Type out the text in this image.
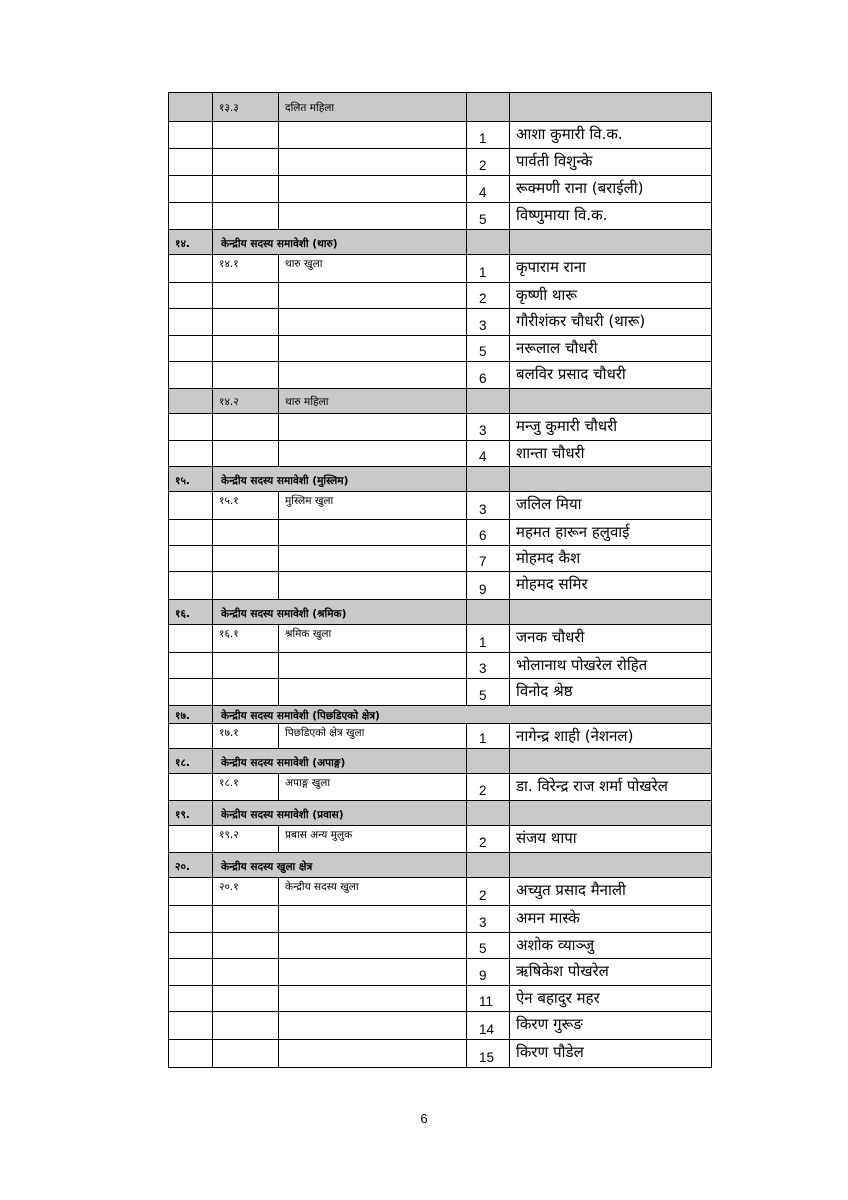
	१३.३	दलित महिला		
			1	आशा कुमारी वि.क.
			2	पार्वती विशुन्के
			4	रूक्मणी राना (बराईली)
			5	विष्णुमाया वि.क.
१४.	केन्द्रीय सदस्य समावेशी (थारु)			
	१४.१	थारु खुला	1	कृपाराम राना
			2	कृष्णी थारू
			3	गौरीशंकर चौधरी (थारू)
			5	नरूलाल चौधरी
			6	बलविर प्रसाद चौधरी
	१४.२	थारु महिला		
			3	मन्जु कुमारी चौधरी
			4	शान्ता चौधरी
१५.	केन्द्रीय सदस्य समावेशी (मुस्लिम)			
	१५.१	मुस्लिम खुला	3	जलिल मिया
			6	महमत हारून हलुवाई
			7	मोहमद कैश
			9	मोहमद समिर
१६.	केन्द्रीय सदस्य समावेशी (श्रमिक)			
	१६.१	श्रमिक खुला	1	जनक चौधरी
			3	भोलानाथ पोखरेल रोहित
			5	विनोद श्रेष्ठ
१७.	केन्द्रीय सदस्य समावेशी (पिछडिएको क्षेत्र)			
	१७.१	पिछडिएको क्षेत्र खुला	1	नागेन्द्र शाही (नेशनल)
१८.	केन्द्रीय सदस्य समावेशी (अपाङ्ग)			
	१८.१	अपाङ्ग खुला	2	डा. विरेन्द्र राज शर्मा पोखरेल
१९.	केन्द्रीय सदस्य समावेशी (प्रवास)			
	१९.२	प्रबास अन्य मुलुक	2	संजय थापा
२०.	केन्द्रीय सदस्य खुला क्षेत्र			
	२०.१	केन्द्रीय सदस्य खुला	2	अच्युत प्रसाद मैनाली
			3	अमन मास्के
			5	अशोक व्याञ्जु
			9	ऋषिकेश पोखरेल
			11	ऐन बहादुर महर
			14	किरण गुरूङ
			15	किरण पौडेल
6
